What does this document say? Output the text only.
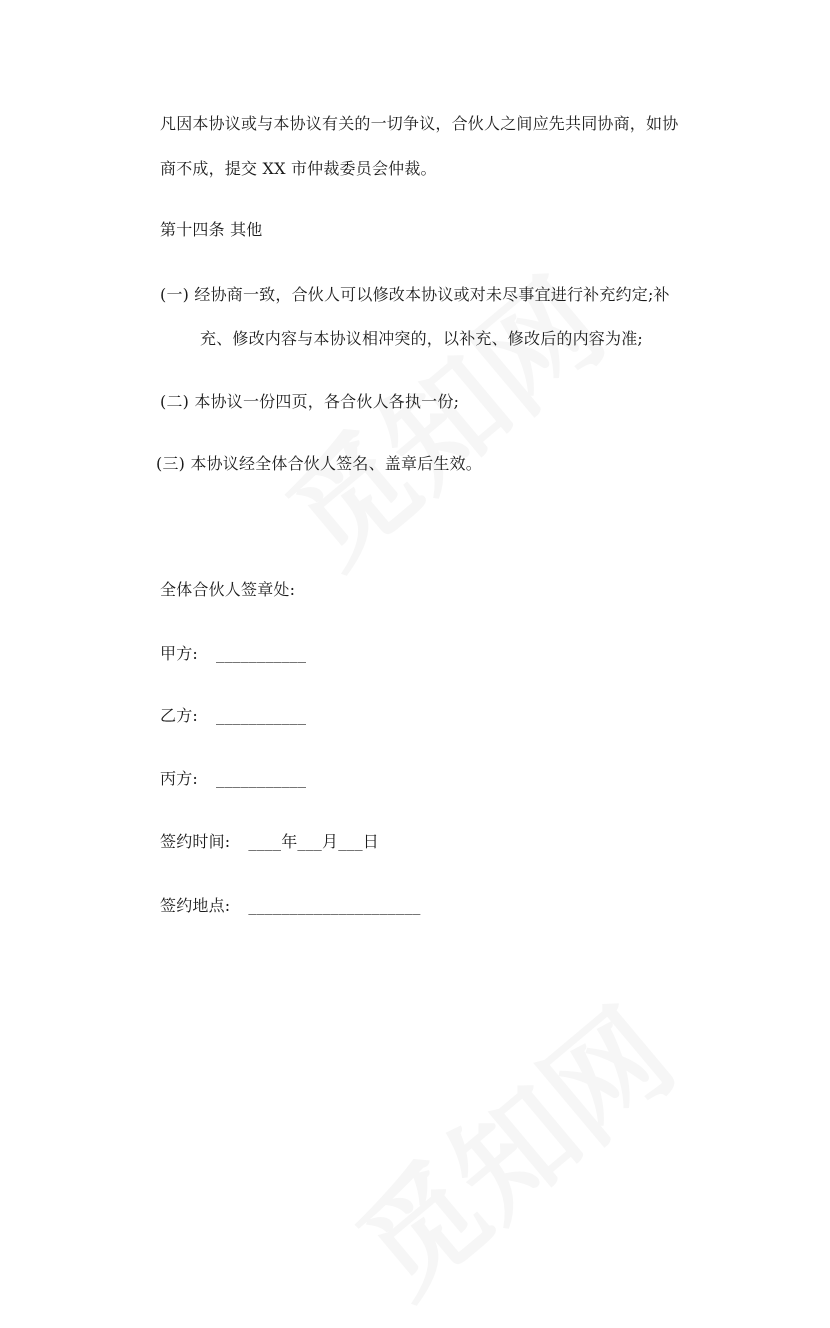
凡因本协议或与本协议有关的一切争议，合伙人之间应先共同协商，如协
商不成，提交 XX 市仲裁委员会仲裁。
第十四条 其他
(一) 经协商一致，合伙人可以修改本协议或对未尽事宜进行补充约定;补
充、修改内容与本协议相冲突的，以补充、修改后的内容为准;
(二) 本协议一份四页，各合伙人各执一份;
(三) 本协议经全体合伙人签名、盖章后生效。
全体合伙人签章处:
甲方: ___________
乙方: ___________
丙方: ___________
签约时间: ____年___月___日
签约地点: _____________________
